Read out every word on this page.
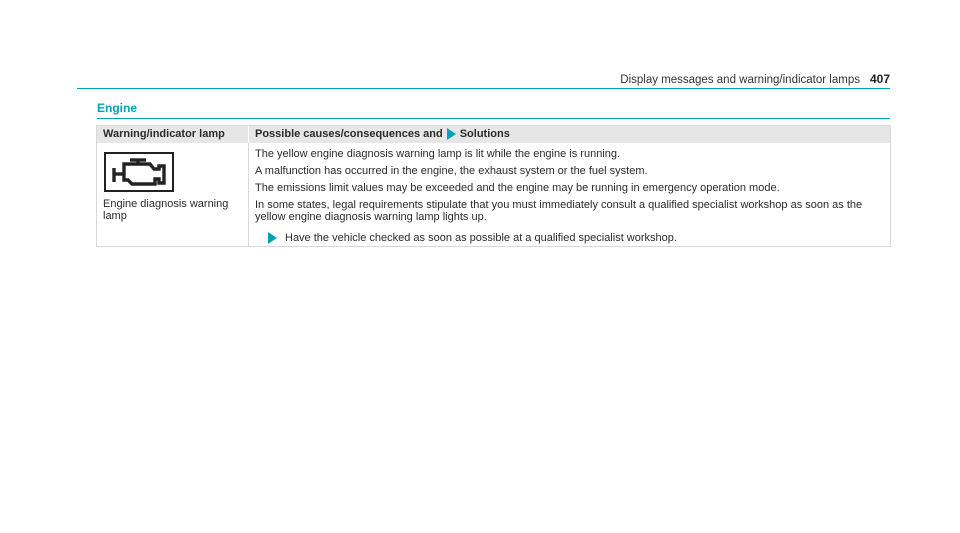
Display messages and warning/indicator lamps 407
Engine
Warning/indicator lamp	Possible causes/consequences and Solutions
Engine diagnosis warning lamp

The yellow engine diagnosis warning lamp is lit while the engine is running.

A malfunction has occurred in the engine, the exhaust system or the fuel system.

The emissions limit values may be exceeded and the engine may be running in emergency operation mode.

In some states, legal requirements stipulate that you must immediately consult a qualified specialist workshop as soon as the yellow engine diagnosis warning lamp lights up.

Have the vehicle checked as soon as possible at a qualified specialist workshop.
